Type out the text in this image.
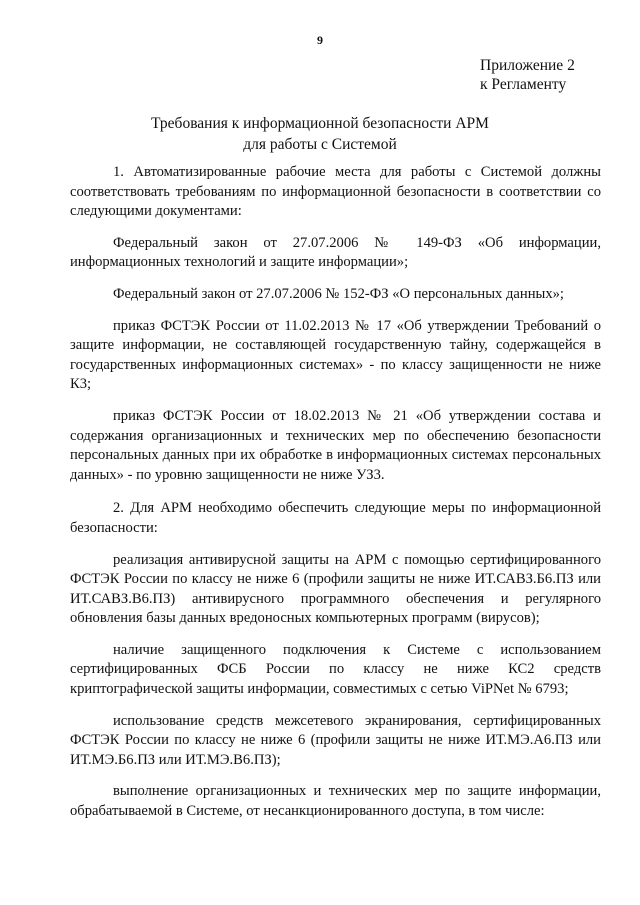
9
Приложение 2
к Регламенту
Требования к информационной безопасности АРМ
для работы с Системой

1. Автоматизированные рабочие места для работы с Системой должны соответствовать требованиям по информационной безопасности в соответствии со следующими документами:

Федеральный закон от 27.07.2006 № 149-ФЗ «Об информации, информационных технологий и защите информации»;

Федеральный закон от 27.07.2006 № 152-ФЗ «О персональных данных»;

приказ ФСТЭК России от 11.02.2013 № 17 «Об утверждении Требований о защите информации, не составляющей государственную тайну, содержащейся в государственных информационных системах» - по классу защищенности не ниже К3;

приказ ФСТЭК России от 18.02.2013 № 21 «Об утверждении состава и содержания организационных и технических мер по обеспечению безопасности персональных данных при их обработке в информационных системах персональных данных» - по уровню защищенности не ниже УЗ3.

2. Для АРМ необходимо обеспечить следующие меры по информационной безопасности:

реализация антивирусной защиты на АРМ с помощью сертифицированного ФСТЭК России по классу не ниже 6 (профили защиты не ниже ИТ.САВЗ.Б6.ПЗ или ИТ.САВЗ.В6.ПЗ) антивирусного программного обеспечения и регулярного обновления базы данных вредоносных компьютерных программ (вирусов);

наличие защищенного подключения к Системе с использованием сертифицированных ФСБ России по классу не ниже КС2 средств криптографической защиты информации, совместимых с сетью ViPNet № 6793;

использование средств межсетевого экранирования, сертифицированных ФСТЭК России по классу не ниже 6 (профили защиты не ниже ИТ.МЭ.А6.ПЗ или ИТ.МЭ.Б6.ПЗ или ИТ.МЭ.В6.ПЗ);

выполнение организационных и технических мер по защите информации, обрабатываемой в Системе, от несанкционированного доступа, в том числе:
